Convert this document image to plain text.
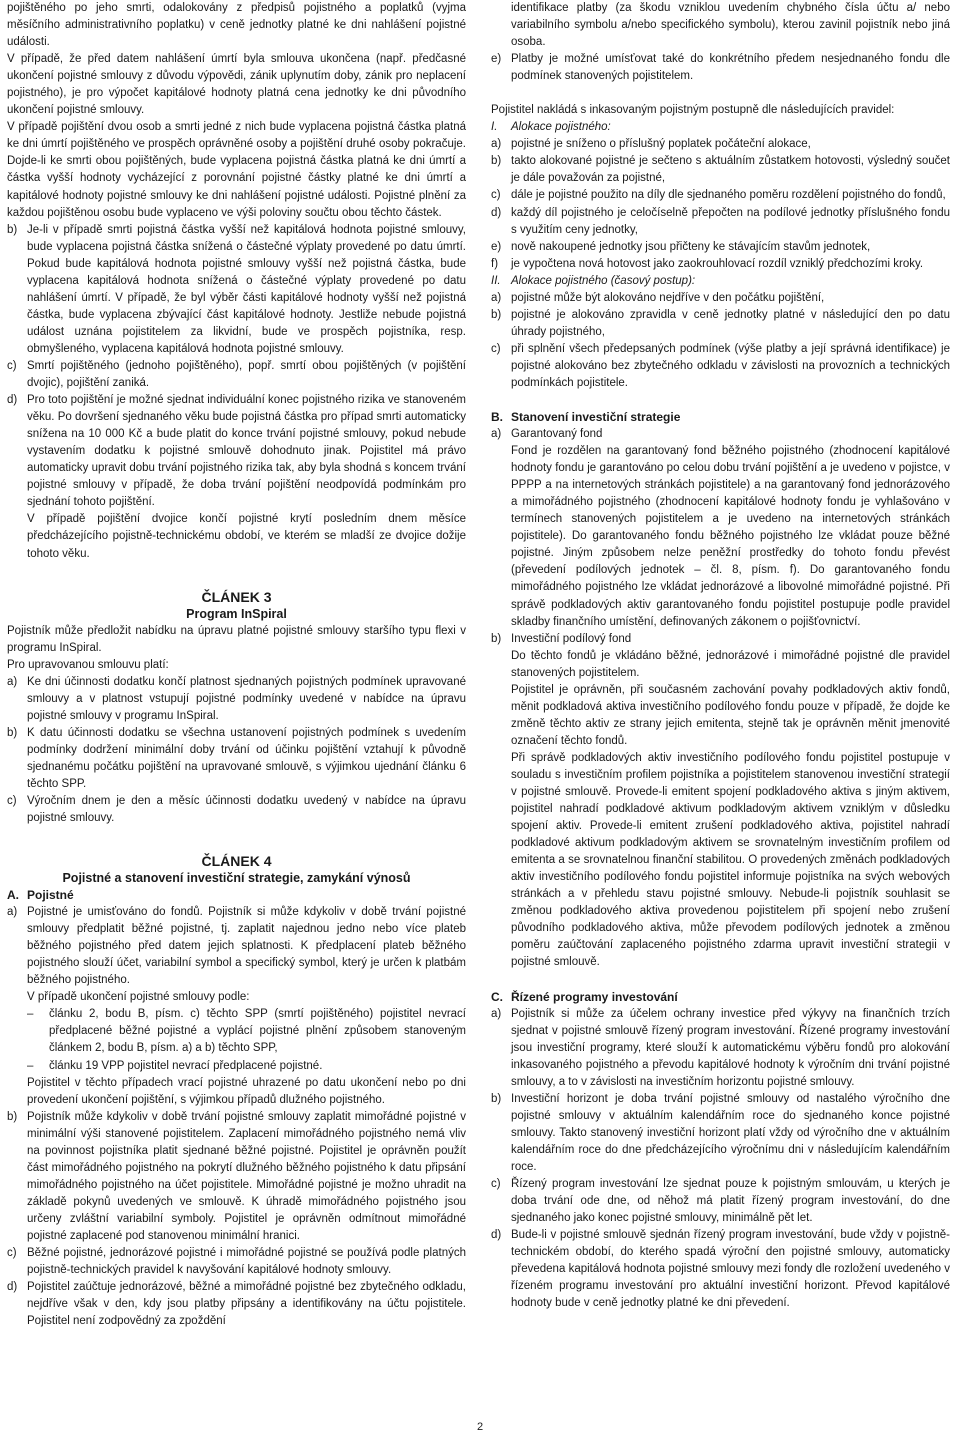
pojištěného po jeho smrti, odalokovány z předpisů pojistného a poplatků (vyjma měsíčního administrativního poplatku) v ceně jednotky platné ke dni nahlášení pojistné události.

V případě, že před datem nahlášení úmrtí byla smlouva ukončena (např. předčasné ukončení pojistné smlouvy z důvodu výpovědi, zánik uplynutím doby, zánik pro neplacení pojistného), je pro výpočet kapitálové hodnoty platná cena jednotky ke dni původního ukončení pojistné smlouvy.

V případě pojištění dvou osob a smrti jedné z nich bude vyplacena pojistná částka platná ke dni úmrtí pojištěného ve prospěch oprávněné osoby a pojištění druhé osoby pokračuje. Dojde-li ke smrti obou pojištěných, bude vyplacena pojistná částka platná ke dni úmrtí a částka vyšší hodnoty vycházející z porovnání pojistné částky platné ke dni úmrtí a kapitálové hodnoty pojistné smlouvy ke dni nahlášení pojistné události. Pojistné plnění za každou pojištěnou osobu bude vyplaceno ve výši poloviny součtu obou těchto částek.

b) Je-li v případě smrti pojistná částka vyšší než kapitálová hodnota pojistné smlouvy, bude vyplacena pojistná částka snížená o částečné výplaty provedené po datu úmrtí. Pokud bude kapitálová hodnota pojistné smlouvy vyšší než pojistná částka, bude vyplacena kapitálová hodnota snížená o částečné výplaty provedené po datu nahlášení úmrtí. V případě, že byl výběr části kapitálové hodnoty vyšší než pojistná částka, bude vyplacena zbývající část kapitálové hodnoty. Jestliže nebude pojistná událost uznána pojistitelem za likvidní, bude ve prospěch pojistníka, resp. obmyšleného, vyplacena kapitálová hodnota pojistné smlouvy.
c) Smrtí pojištěného (jednoho pojištěného), popř. smrtí obou pojištěných (v pojištění dvojic), pojištění zaniká.
d) Pro toto pojištění je možné sjednat individuální konec pojistného rizika ve stanoveném věku. Po dovršení sjednaného věku bude pojistná částka pro případ smrti automaticky snížena na 10 000 Kč a bude platit do konce trvání pojistné smlouvy, pokud nebude vystavením dodatku k pojistné smlouvě dohodnuto jinak. Pojistitel má právo automaticky upravit dobu trvání pojistného rizika tak, aby byla shodná s koncem trvání pojistné smlouvy v případě, že doba trvání pojištění neodpovídá podmínkám pro sjednání tohoto pojištění.

V případě pojištění dvojice končí pojistné krytí posledním dnem měsíce předcházejícího pojistně-technickému období, ve kterém se mladší ze dvojice dožije tohoto věku.

ČLÁNEK 3
Program InSpiral

Pojistník může předložit nabídku na úpravu platné pojistné smlouvy staršího typu flexi v programu InSpiral.

Pro upravovanou smlouvu platí:

a) Ke dni účinnosti dodatku končí platnost sjednaných pojistných podmínek upravované smlouvy a v platnost vstupují pojistné podmínky uvedené v nabídce na úpravu pojistné smlouvy v programu InSpiral.
b) K datu účinnosti dodatku se všechna ustanovení pojistných podmínek s uvedením podmínky dodržení minimální doby trvání od účinku pojištění vztahují k původně sjednanému počátku pojištění na upravované smlouvě, s výjimkou ujednání článku 6 těchto SPP.
c) Výročním dnem je den a měsíc účinnosti dodatku uvedený v nabídce na úpravu pojistné smlouvy.
ČLÁNEK 4
Pojistné a stanovení investiční strategie, zamykání výnosů
A. Pojistné
a) Pojistné je umisťováno do fondů. Pojistník si může kdykoliv v době trvání pojistné smlouvy předplatit běžné pojistné, tj. zaplatit najednou jedno nebo více plateb běžného pojistného před datem jejich splatnosti. K předplacení plateb běžného pojistného slouží účet, variabilní symbol a specifický symbol, který je určen k platbám běžného pojistného.

V případě ukončení pojistné smlouvy podle:

– článku 2, bodu B, písm. c) těchto SPP (smrtí pojištěného) pojistitel nevrací předplacené běžné pojistné a vyplácí pojistné plnění způsobem stanoveným článkem 2, bodu B, písm. a) a b) těchto SPP,
– článku 19 VPP pojistitel nevrací předplacené pojistné.

Pojistitel v těchto případech vrací pojistné uhrazené po datu ukončení nebo po dni provedení ukončení pojištění, s výjimkou případů dlužného pojistného.

b) Pojistník může kdykoliv v době trvání pojistné smlouvy zaplatit mimořádné pojistné v minimální výši stanovené pojistitelem. Zaplacení mimořádného pojistného nemá vliv na povinnost pojistníka platit sjednané běžné pojistné. Pojistitel je oprávněn použít část mimořádného pojistného na pokrytí dlužného běžného pojistného k datu připsání mimořádného pojistného na účet pojistitele. Mimořádné pojistné je možno uhradit na základě pokynů uvedených ve smlouvě. K úhradě mimořádného pojistného jsou určeny zvláštní variabilní symboly. Pojistitel je oprávněn odmítnout mimořádné pojistné zaplacené pod stanovenou minimální hranici.
c) Běžné pojistné, jednorázové pojistné i mimořádné pojistné se používá podle platných pojistně-technických pravidel k navyšování kapitálové hodnoty smlouvy.
d) Pojistitel zaúčtuje jednorázové, běžné a mimořádné pojistné bez zbytečného odkladu, nejdříve však v den, kdy jsou platby připsány a identifikovány na účtu pojistitele. Pojistitel není zodpovědný za zpoždění

identifikace platby (za škodu vzniklou uvedením chybného čísla účtu a/ nebo variabilního symbolu a/nebo specifického symbolu), kterou zavinil pojistník nebo jiná osoba.

e) Platby je možné umísťovat také do konkrétního předem nesjednaného fondu dle podmínek stanovených pojistitelem.

Pojistitel nakládá s inkasovaným pojistným postupně dle následujících pravidel:

I. Alokace pojistného:
a) pojistné je sníženo o příslušný poplatek počáteční alokace,
b) takto alokované pojistné je sečteno s aktuálním zůstatkem hotovosti, výsledný součet je dále považován za pojistné,
c) dále je pojistné použito na díly dle sjednaného poměru rozdělení pojistného do fondů,
d) každý díl pojistného je celočíselně přepočten na podílové jednotky příslušného fondu s využitím ceny jednotky,
e) nově nakoupené jednotky jsou přičteny ke stávajícím stavům jednotek,
f) je vypočtena nová hotovost jako zaokrouhlovací rozdíl vzniklý předchozími kroky.
II. Alokace pojistného (časový postup):
a) pojistné může být alokováno nejdříve v den počátku pojištění,
b) pojistné je alokováno zpravidla v ceně jednotky platné v následující den po datu úhrady pojistného,
c) při splnění všech předepsaných podmínek (výše platby a její správná identifikace) je pojistné alokováno bez zbytečného odkladu v závislosti na provozních a technických podmínkách pojistitele.
B. Stanovení investiční strategie
a) Garantovaný fond

Fond je rozdělen na garantovaný fond běžného pojistného (zhodnocení kapitálové hodnoty fondu je garantováno po celou dobu trvání pojištění a je uvedeno v pojistce, v PPPP a na internetových stránkách pojistitele) a na garantovaný fond jednorázového a mimořádného pojistného (zhodnocení kapitálové hodnoty fondu je vyhlašováno v termínech stanovených pojistitelem a je uvedeno na internetových stránkách pojistitele). Do garantovaného fondu běžného pojistného lze vkládat pouze běžné pojistné. Jiným způsobem nelze peněžní prostředky do tohoto fondu převést (převedení podílových jednotek – čl. 8, písm. f). Do garantovaného fondu mimořádného pojistného lze vkládat jednorázové a libovolné mimořádné pojistné. Při správě podkladových aktiv garantovaného fondu pojistitel postupuje podle pravidel skladby finančního umístění, definovaných zákonem o pojišťovnictví.

b) Investiční podílový fond

Do těchto fondů je vkládáno běžné, jednorázové i mimořádné pojistné dle pravidel stanovených pojistitelem.

Pojistitel je oprávněn, při současném zachování povahy podkladových aktiv fondů, měnit podkladová aktiva investičního podílového fondu pouze v případě, že dojde ke změně těchto aktiv ze strany jejich emitenta, stejně tak je oprávněn měnit jmenovité označení těchto fondů.

Při správě podkladových aktiv investičního podílového fondu pojistitel postupuje v souladu s investičním profilem pojistníka a pojistitelem stanovenou investiční strategií v pojistné smlouvě. Provede-li emitent spojení podkladového aktiva s jiným aktivem, pojistitel nahradí podkladové aktivum podkladovým aktivem vzniklým v důsledku spojení aktiv. Provede-li emitent zrušení podkladového aktiva, pojistitel nahradí podkladové aktivum podkladovým aktivem se srovnatelným investičním profilem od emitenta a se srovnatelnou finanční stabilitou. O provedených změnách podkladových aktiv investičního podílového fondu pojistitel informuje pojistníka na svých webových stránkách a v přehledu stavu pojistné smlouvy. Nebude-li pojistník souhlasit se změnou podkladového aktiva provedenou pojistitelem při spojení nebo zrušení původního podkladového aktiva, může převodem podílových jednotek a změnou poměru zaúčtování zaplaceného pojistného zdarma upravit investiční strategii v pojistné smlouvě.

C. Řízené programy investování
a) Pojistník si může za účelem ochrany investice před výkyvy na finančních trzích sjednat v pojistné smlouvě řízený program investování. Řízené programy investování jsou investiční programy, které slouží k automatickému výběru fondů pro alokování inkasovaného pojistného a převodu kapitálové hodnoty k výročním dni trvání pojistné smlouvy, a to v závislosti na investičním horizontu pojistné smlouvy.
b) Investiční horizont je doba trvání pojistné smlouvy od nastalého výročního dne pojistné smlouvy v aktuálním kalendářním roce do sjednaného konce pojistné smlouvy. Takto stanovený investiční horizont platí vždy od výročního dne v aktuálním kalendářním roce do dne předcházejícího výročnímu dni v následujícím kalendářním roce.
c) Řízený program investování lze sjednat pouze k pojistným smlouvám, u kterých je doba trvání ode dne, od něhož má platit řízený program investování, do dne sjednaného jako konec pojistné smlouvy, minimálně pět let.
d) Bude-li v pojistné smlouvě sjednán řízený program investování, bude vždy v pojistně-technickém období, do kterého spadá výroční den pojistné smlouvy, automaticky převedena kapitálová hodnota pojistné smlouvy mezi fondy dle rozložení uvedeného v řízeném programu investování pro aktuální investiční horizont. Převod kapitálové hodnoty bude v ceně jednotky platné ke dni převedení.
2
